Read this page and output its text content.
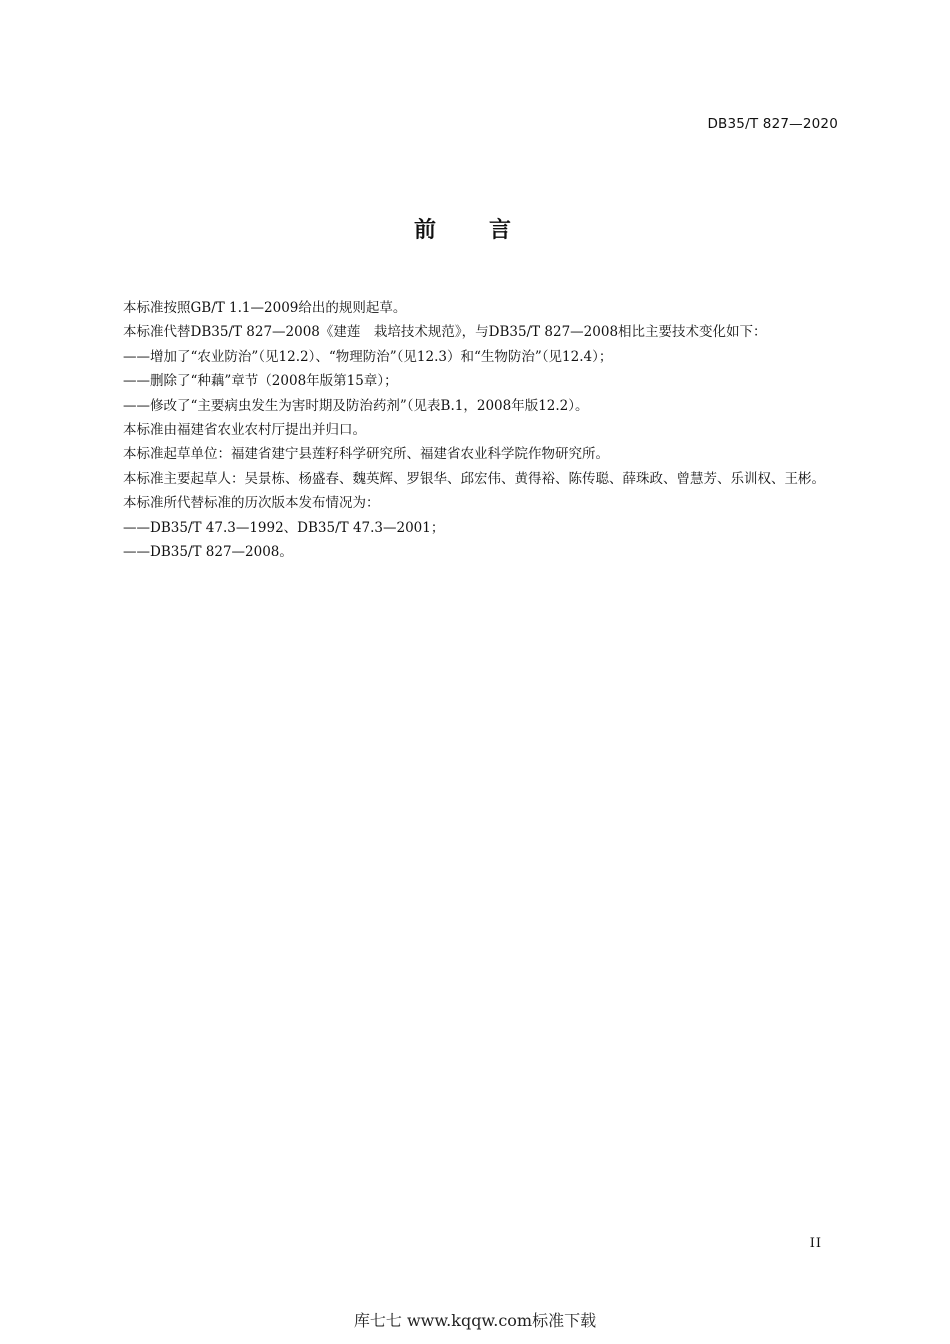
DB35/T 827—2020
前 言

本标准按照GB/T 1.1—2009给出的规则起草。

本标准代替DB35/T 827—2008《建莲　栽培技术规范》，与DB35/T 827—2008相比主要技术变化如下：

——增加了“农业防治”（见12.2）、“物理防治”（见12.3）和“生物防治”（见12.4）；

——删除了“种藕”章节（2008年版第15章）；

——修改了“主要病虫发生为害时期及防治药剂”（见表B.1，2008年版12.2）。

本标准由福建省农业农村厅提出并归口。

本标准起草单位：福建省建宁县莲籽科学研究所、福建省农业科学院作物研究所。

本标准主要起草人：吴景栋、杨盛春、魏英辉、罗银华、邱宏伟、黄得裕、陈传聪、薛珠政、曾慧芳、乐训权、王彬。

本标准所代替标准的历次版本发布情况为：

——DB35/T 47.3—1992、DB35/T 47.3—2001；

——DB35/T 827—2008。

II
库七七 www.kqqw.com标准下载
